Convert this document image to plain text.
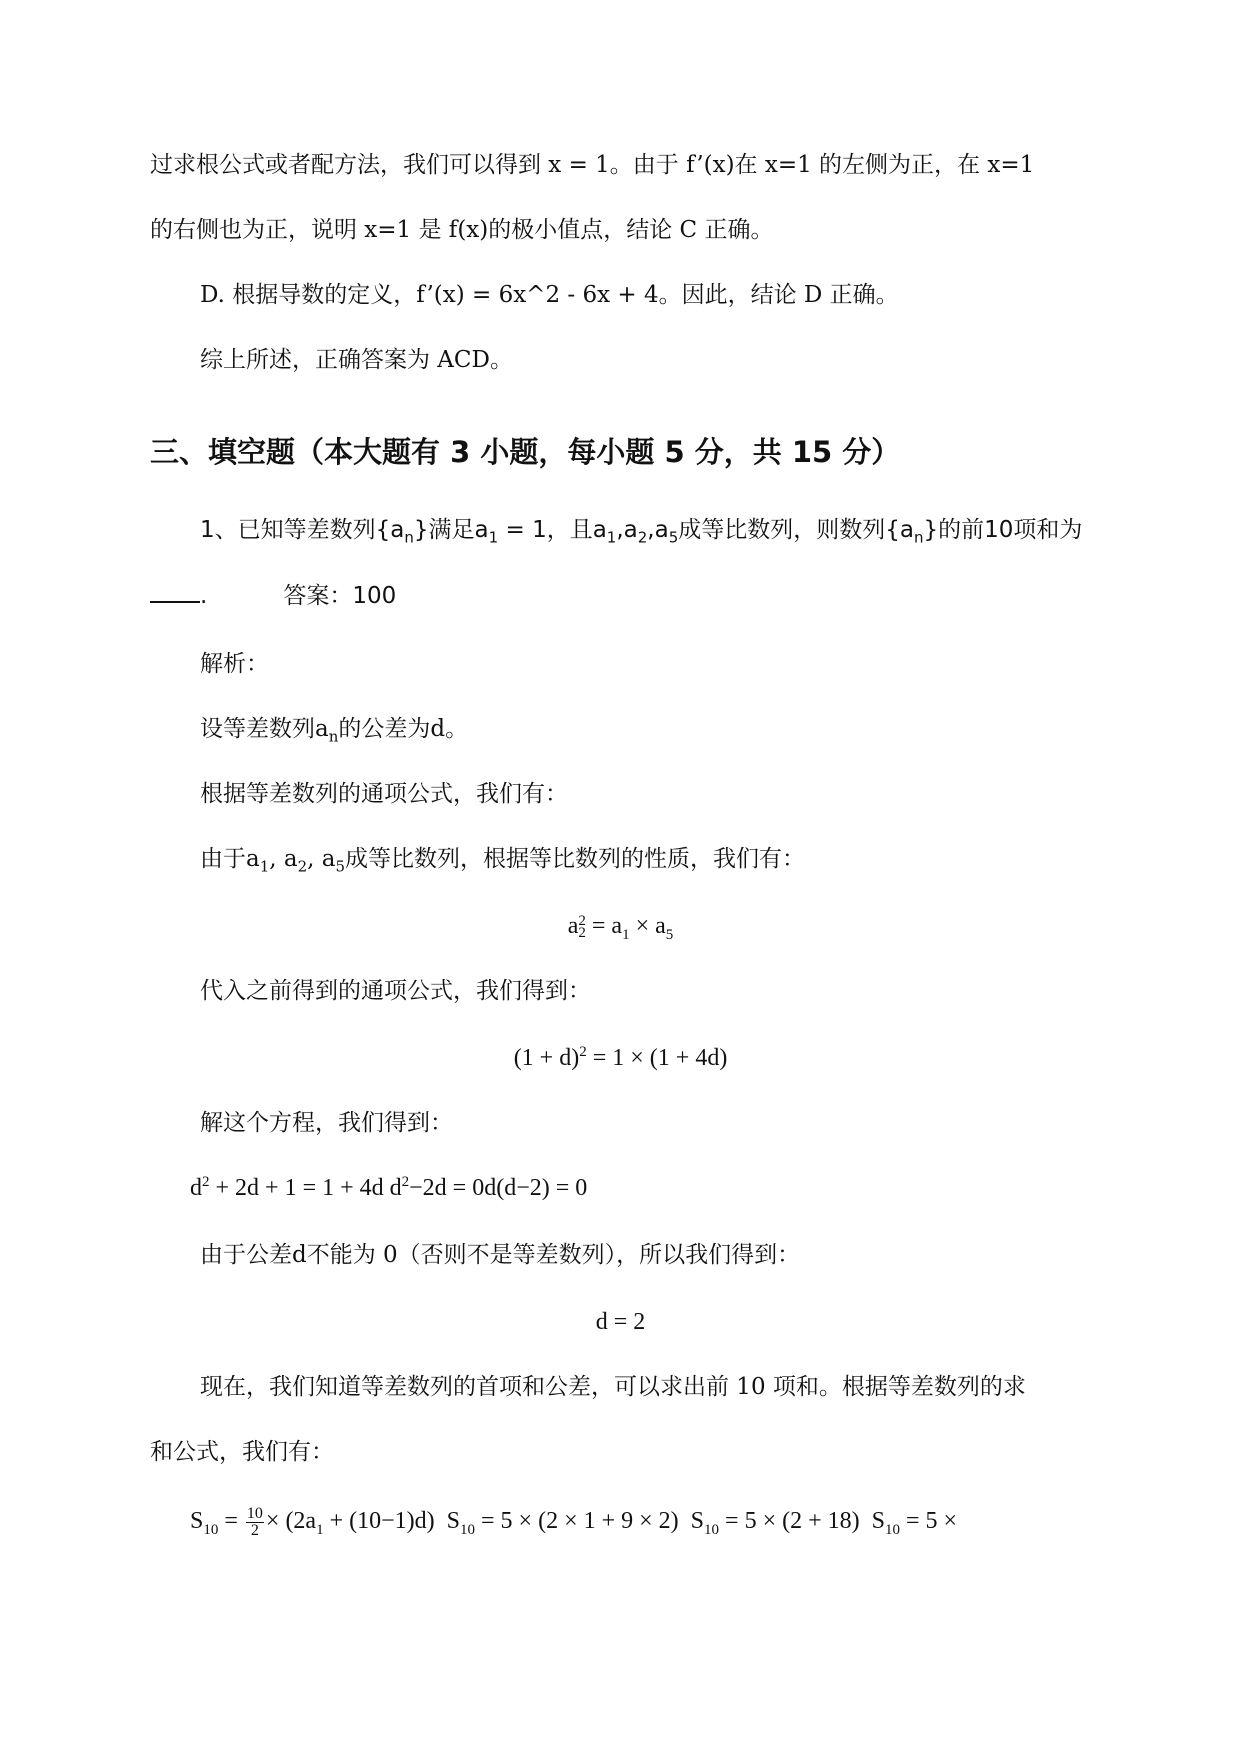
过求根公式或者配方法，我们可以得到 x = 1。由于 f’(x)在 x=1 的左侧为正，在 x=1
的右侧也为正，说明 x=1 是 f(x)的极小值点，结论 C 正确。
D. 根据导数的定义，f’(x) = 6x^2 - 6x + 4。因此，结论 D 正确。
综上所述，正确答案为 ACD。
三、填空题（本大题有 3 小题，每小题 5 分，共 15 分）
1、已知等差数列$\{a_n\}$满足$a_1 = 1$，且$a_1,a_2,a_5$成等比数列，则数列$\{a_n\}$的前10项和为
.	答案：100
解析：
设等差数列$a_n$的公差为d。
根据等差数列的通项公式，我们有：
由于$a_1$, $a_2$, $a_5$成等比数列，根据等比数列的性质，我们有：
a 2
$2 = a_1 \times a_5$
代入之前得到的通项公式，我们得到：
$(1 + d)^2 = 1 \times (1 + 4d)$
解这个方程，我们得到：
$d^2 + 2d + 1 = 1 + 4d$ $d^2-2d = 0d(d-2) = 0$
由于公差d不能为 0（否则不是等差数列），所以我们得到：
d = 2
现在，我们知道等差数列的首项和公差，可以求出前 10 项和。根据等差数列的求
和公式，我们有：
$S_{10} = \frac{10}{2} \times (2a_1 + (10-1)d) S_{10} = 5 \times (2 \times 1 + 9 \times 2) S_{10} = 5 \times (2 + 18) S_{10} = 5$ ×
